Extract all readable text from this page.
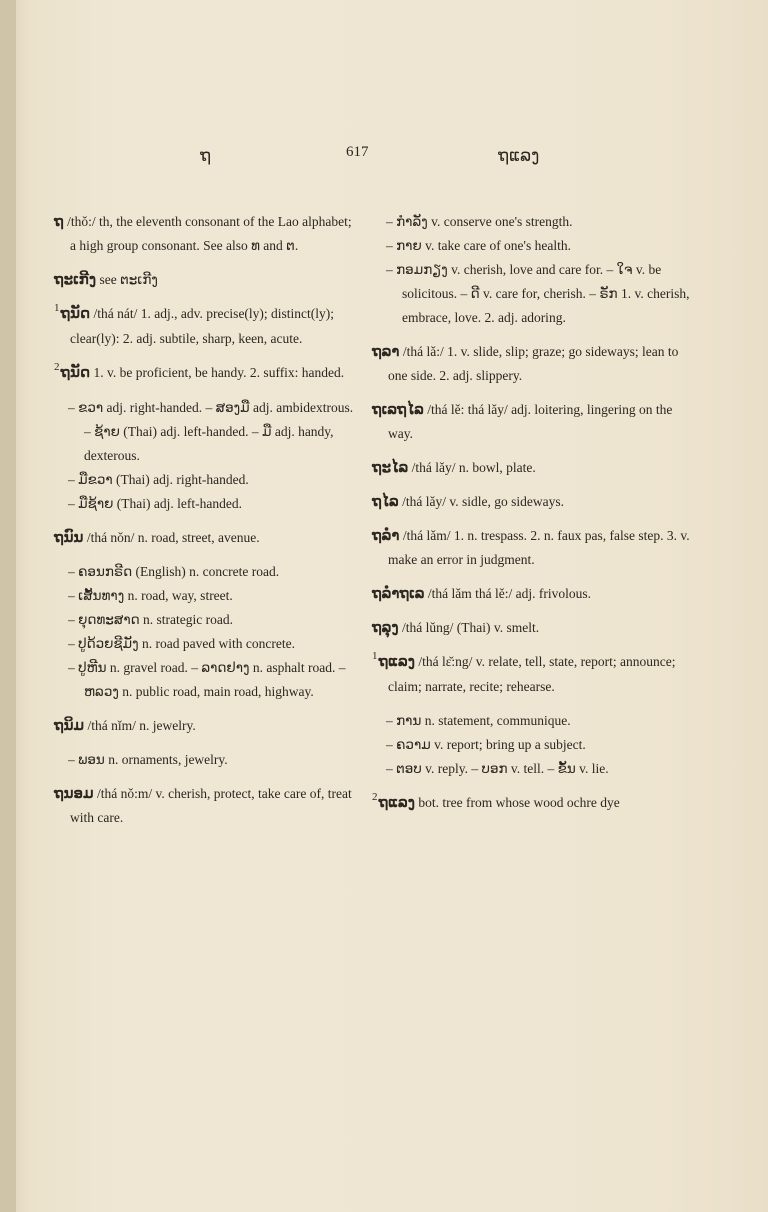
ຖ	617	ຖແລງ

ຖ /thǒ:/ th, the eleventh consonant of the Lao alphabet; a high group consonant. See also ທ and ຕ.

ຖະເກີງ see ຕະເກີງ

$^1$ຖນັດ /thá nát/ 1. adj., adv. precise(ly); distinct(ly); clear(ly): 2. adj. subtile, sharp, keen, acute.

$^2$ຖນັດ 1. v. be proficient, be handy. 2. suffix: handed.

– ຂວາ adj. right-handed. – ສອງມື adj. ambidextrous. – ຊ້າຍ (Thai) adj. left-handed. – ມື adj. handy, dexterous.

– ມືຂວາ (Thai) adj. right-handed.

– ມືຊ້າຍ (Thai) adj. left-handed.

ຖນົນ /thá nǒn/ n. road, street, avenue.

– ຄອນກຣີດ (English) n. concrete road.

– ເສັ້ນທາງ n. road, way, street.

– ຍຸດທະສາດ n. strategic road.

– ປູດ້ວຍຊີມັງ n. road paved with concrete.

– ປູຫີນ n. gravel road. – ລາດຢາງ n. asphalt road. – ຫລວງ n. public road, main road, highway.

ຖນິມ /thá nǐm/ n. jewelry.

– ພອນ n. ornaments, jewelry.

ຖນອມ /thá nǒ:m/ v. cherish, protect, take care of, treat with care.

– ກຳລັງ v. conserve one's strength.

– ກາຍ v. take care of one's health.

– ກອມກຽງ v. cherish, love and care for. – ໃຈ v. be solicitous. – ດີ v. care for, cherish. – ຣັກ 1. v. cherish, embrace, love. 2. adj. adoring.

ຖລາ /thá lǎ:/ 1. v. slide, slip; graze; go sideways; lean to one side. 2. adj. slippery.

ຖເລຖໄລ /thá lě: thá lǎy/ adj. loitering, lingering on the way.

ຖະໄລ /thá lǎy/ n. bowl, plate.

ຖໄລ /thá lǎy/ v. sidle, go sideways.

ຖລຳ /thá lǎm/ 1. n. trespass. 2. n. faux pas, false step. 3. v. make an error in judgment.

ຖລຳຖເລ /thá lǎm thá lě:/ adj. frivolous.

ຖລຸງ /thá lǔng/ (Thai) v. smelt.

$^1$ຖແລງ /thá lɛ̌:ng/ v. relate, tell, state, report; announce; claim; narrate, recite; rehearse.

– ການ n. statement, communique.

– ຄວາມ v. report; bring up a subject.

– ຕອບ v. reply. – ບອກ v. tell. – ຂັ້ນ v. lie.

$^2$ຖແລງ bot. tree from whose wood ochre dye
